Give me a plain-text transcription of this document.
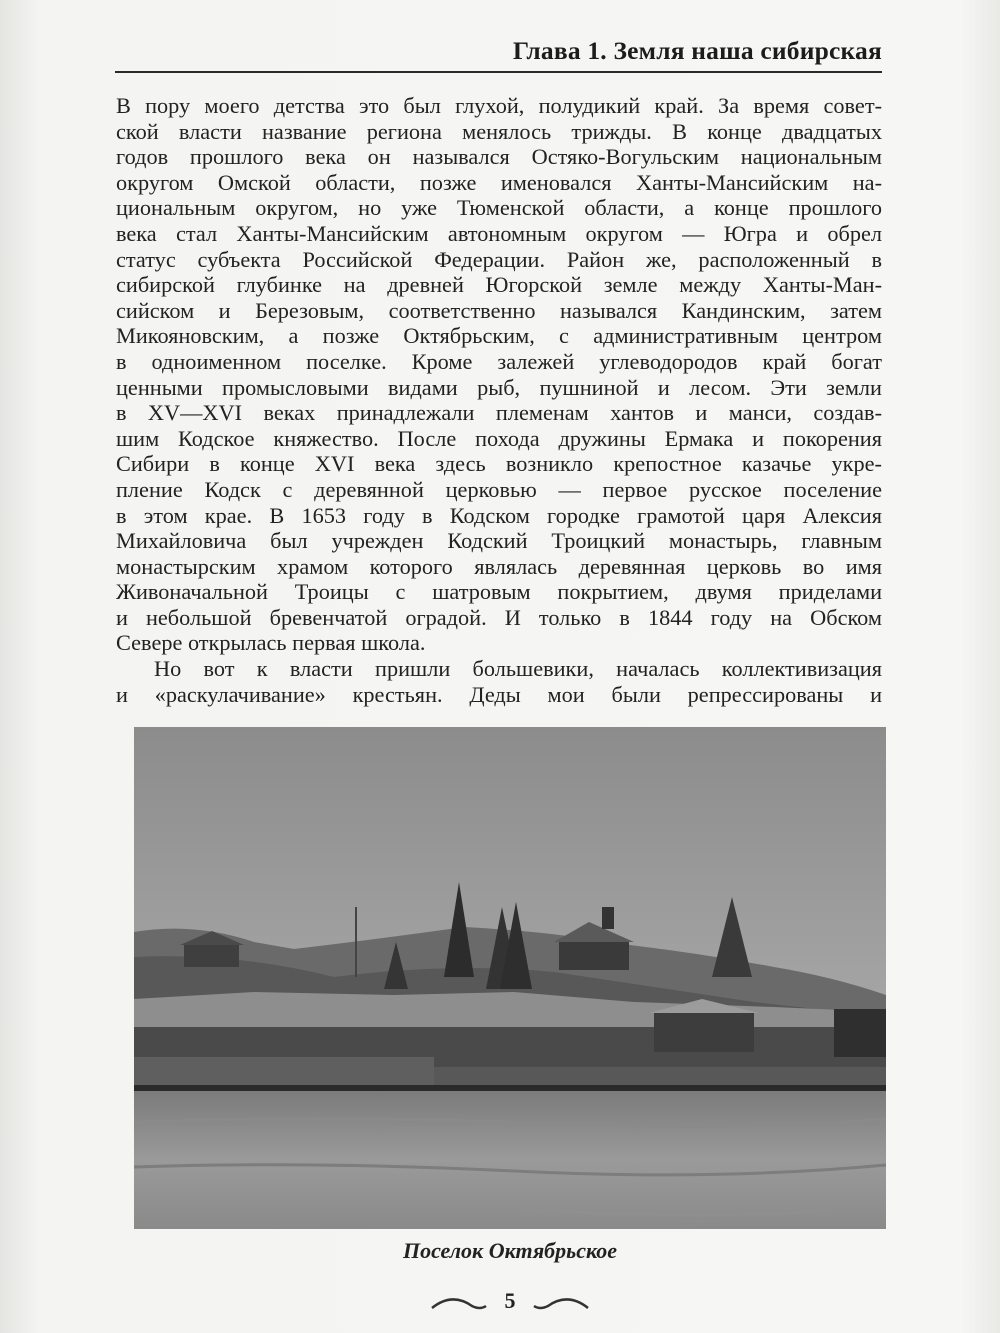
Глава 1. Земля наша сибирская
В пору моего детства это был глухой, полудикий край. За время совет-
ской власти название региона менялось трижды. В конце двадцатых
годов прошлого века он назывался Остяко-Вогульским национальным
округом Омской области, позже именовался Ханты-Мансийским на-
циональным округом, но уже Тюменской области, а конце прошлого
века стал Ханты-Мансийским автономным округом — Югра и обрел
статус субъекта Российской Федерации. Район же, расположенный в
сибирской глубинке на древней Югорской земле между Ханты-Ман-
сийском и Березовым, соответственно назывался Кандинским, затем
Микояновским, а позже Октябрьским, с административным центром
в одноименном поселке. Кроме залежей углеводородов край богат
ценными промысловыми видами рыб, пушниной и лесом. Эти земли
в XV—XVI веках принадлежали племенам хантов и манси, создав-
шим Кодское княжество. После похода дружины Ермака и покорения
Сибири в конце XVI века здесь возникло крепостное казачье укре-
пление Кодск с деревянной церковью — первое русское поселение
в этом крае. В 1653 году в Кодском городке грамотой царя Алексия
Михайловича был учрежден Кодский Троицкий монастырь, главным
монастырским храмом которого являлась деревянная церковь во имя
Живоначальной Троицы с шатровым покрытием, двумя приделами
и небольшой бревенчатой оградой. И только в 1844 году на Обском
Севере открылась первая школа.
Но вот к власти пришли большевики, началась коллективизация
и «раскулачивание» крестьян. Деды мои были репрессированы и
Поселок Октябрьское
5
